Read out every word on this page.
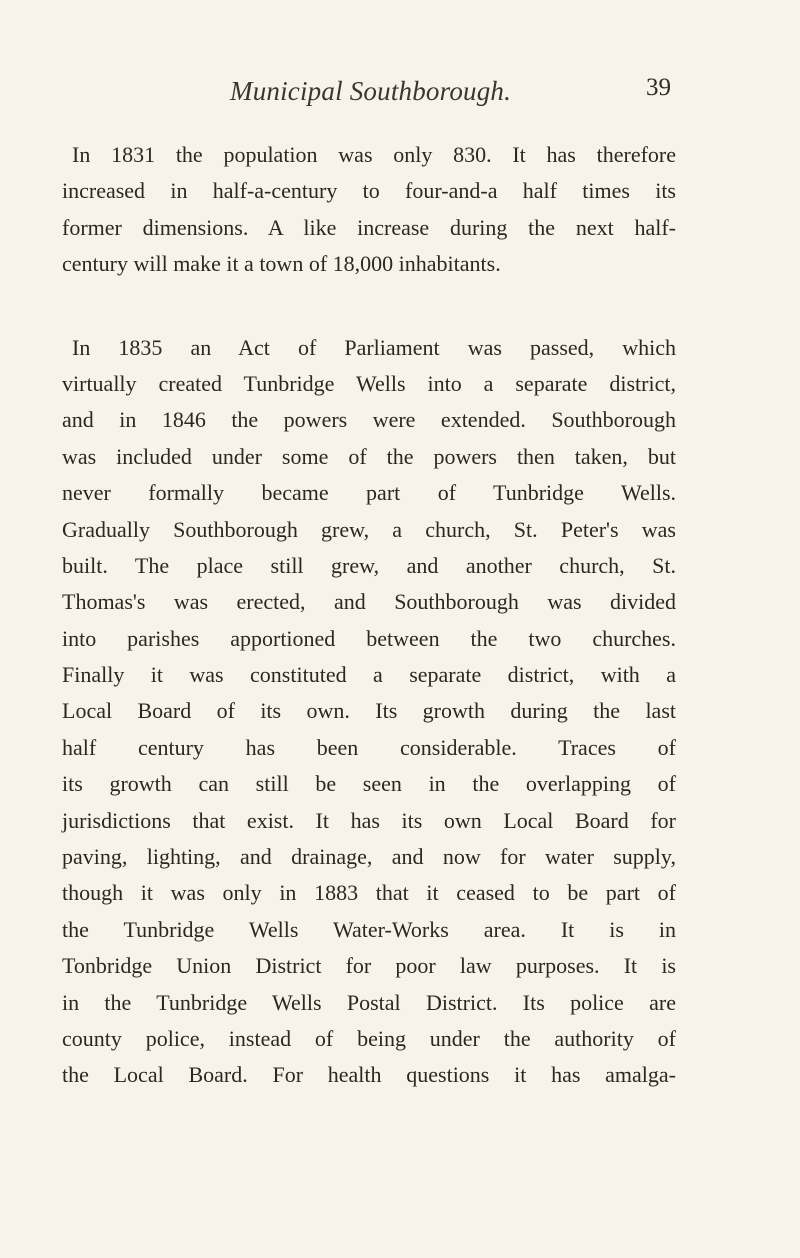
Municipal Southborough.	39
In 1831 the population was only 830. It has therefore
increased in half-a-century to four-and-a half times its
former dimensions. A like increase during the next half-
century will make it a town of 18,000 inhabitants.
In 1835 an Act of Parliament was passed, which
virtually created Tunbridge Wells into a separate district,
and in 1846 the powers were extended. Southborough
was included under some of the powers then taken, but
never formally became part of Tunbridge Wells.
Gradually Southborough grew, a church, St. Peter's was
built. The place still grew, and another church, St.
Thomas's was erected, and Southborough was divided
into parishes apportioned between the two churches.
Finally it was constituted a separate district, with a
Local Board of its own. Its growth during the last
half century has been considerable. Traces of
its growth can still be seen in the overlapping of
jurisdictions that exist. It has its own Local Board for
paving, lighting, and drainage, and now for water supply,
though it was only in 1883 that it ceased to be part of
the Tunbridge Wells Water-Works area. It is in
Tonbridge Union District for poor law purposes. It is
in the Tunbridge Wells Postal District. Its police are
county police, instead of being under the authority of
the Local Board. For health questions it has amalga-
